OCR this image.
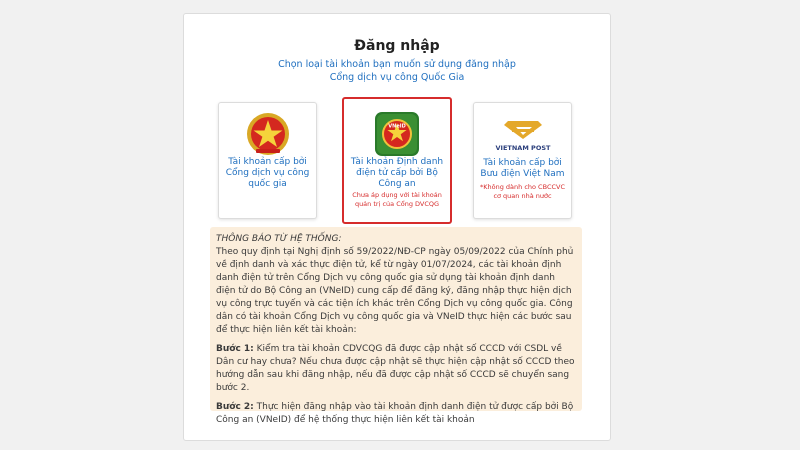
Đăng nhập
Chọn loại tài khoản bạn muốn sử dụng đăng nhập
Cổng dịch vụ công Quốc Gia
Tài khoản cấp bởi
Cổng dịch vụ công
quốc gia
VNeID
Tài khoản Định danh
điện tử cấp bởi Bộ
Công an
Chưa áp dụng với tài khoản
quản trị của Cổng DVCQG
VIETNAM POST
Tài khoản cấp bởi
Bưu điện Việt Nam
*Không dành cho CBCCVC
cơ quan nhà nước

THÔNG BÁO TỪ HỆ THỐNG:

Theo quy định tại Nghị định số 59/2022/NĐ-CP ngày 05/09/2022 của Chính phủ về định danh và xác thực điện tử, kể từ ngày 01/07/2024, các tài khoản định danh điện tử trên Cổng Dịch vụ công quốc gia sử dụng tài khoản định danh điện tử do Bộ Công an (VNeID) cung cấp để đăng ký, đăng nhập thực hiện dịch vụ công trực tuyến và các tiện ích khác trên Cổng Dịch vụ công quốc gia. Công dân có tài khoản Cổng Dịch vụ công quốc gia và VNeID thực hiện các bước sau để thực hiện liên kết tài khoản:

Bước 1: Kiểm tra tài khoản CDVCQG đã được cập nhật số CCCD với CSDL về Dân cư hay chưa? Nếu chưa được cập nhật sẽ thực hiện cập nhật số CCCD theo hướng dẫn sau khi đăng nhập, nếu đã được cập nhật số CCCD sẽ chuyển sang bước 2.

Bước 2: Thực hiện đăng nhập vào tài khoản định danh điện tử được cấp bởi Bộ Công an (VNeID) để hệ thống thực hiện liên kết tài khoản
